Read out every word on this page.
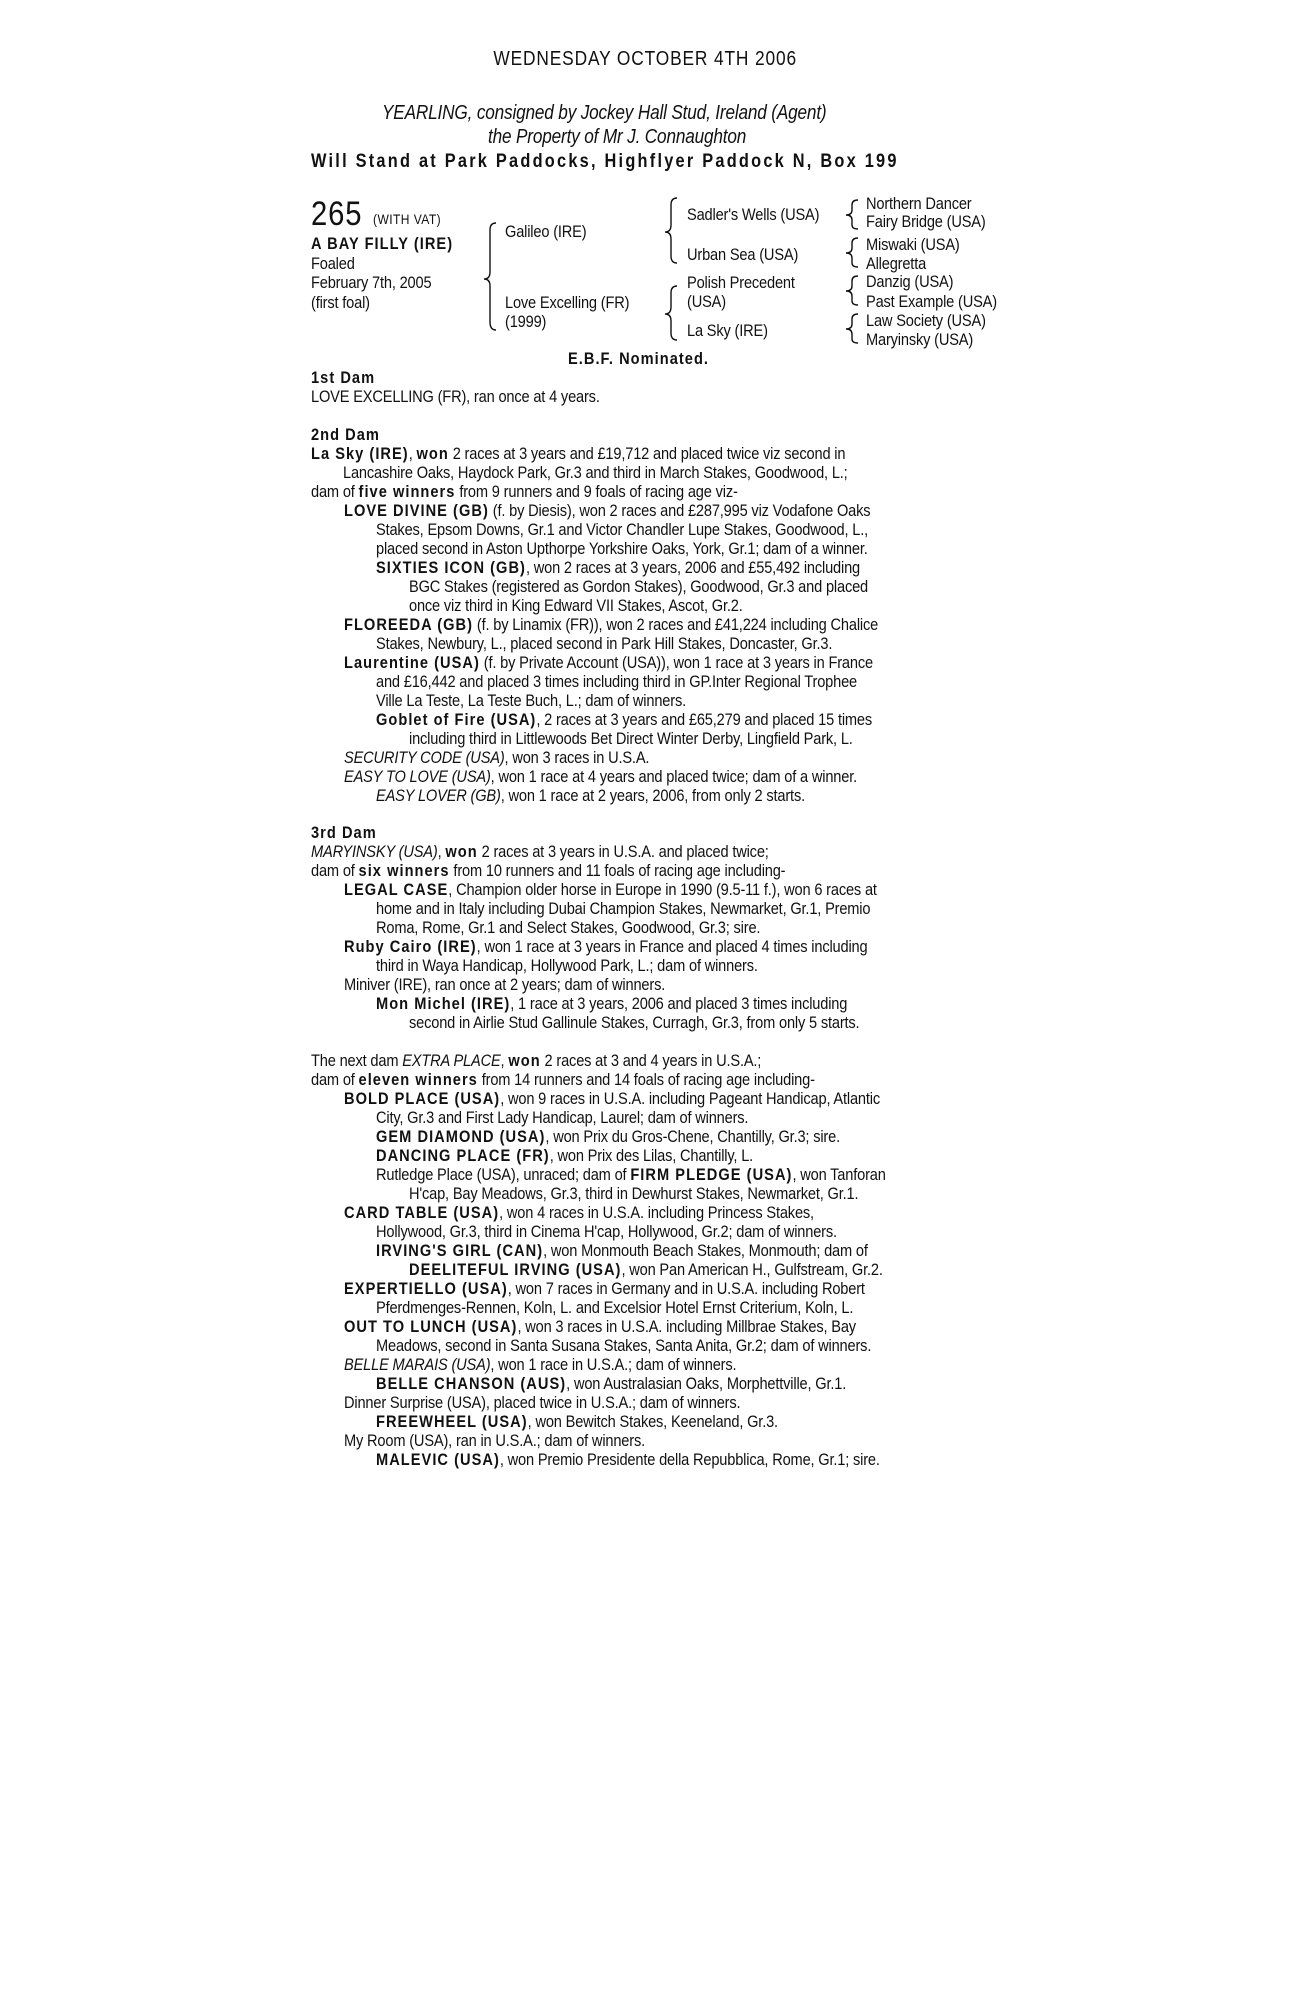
WEDNESDAY OCTOBER 4TH 2006
YEARLING, consigned by Jockey Hall Stud, Ireland (Agent)
the Property of Mr J. Connaughton
Will Stand at Park Paddocks, Highflyer Paddock N, Box 199
265 (WITH VAT)
A BAY FILLY (IRE)
Foaled
February 7th, 2005
(first foal)
Galileo (IRE)
Love Excelling (FR)
(1999)
Sadler's Wells (USA)
Urban Sea (USA)
Polish Precedent
(USA)
La Sky (IRE)
Northern Dancer
Fairy Bridge (USA)
Miswaki (USA)
Allegretta
Danzig (USA)
Past Example (USA)
Law Society (USA)
Maryinsky (USA)
E.B.F. Nominated.
1st Dam
LOVE EXCELLING (FR), ran once at 4 years.
2nd Dam
La Sky (IRE), won 2 races at 3 years and £19,712 and placed twice viz second in
Lancashire Oaks, Haydock Park, Gr.3 and third in March Stakes, Goodwood, L.;
dam of five winners from 9 runners and 9 foals of racing age viz-
LOVE DIVINE (GB) (f. by Diesis), won 2 races and £287,995 viz Vodafone Oaks
Stakes, Epsom Downs, Gr.1 and Victor Chandler Lupe Stakes, Goodwood, L.,
placed second in Aston Upthorpe Yorkshire Oaks, York, Gr.1; dam of a winner.
SIXTIES ICON (GB), won 2 races at 3 years, 2006 and £55,492 including
BGC Stakes (registered as Gordon Stakes), Goodwood, Gr.3 and placed
once viz third in King Edward VII Stakes, Ascot, Gr.2.
FLOREEDA (GB) (f. by Linamix (FR)), won 2 races and £41,224 including Chalice
Stakes, Newbury, L., placed second in Park Hill Stakes, Doncaster, Gr.3.
Laurentine (USA) (f. by Private Account (USA)), won 1 race at 3 years in France
and £16,442 and placed 3 times including third in GP.Inter Regional Trophee
Ville La Teste, La Teste Buch, L.; dam of winners.
Goblet of Fire (USA), 2 races at 3 years and £65,279 and placed 15 times
including third in Littlewoods Bet Direct Winter Derby, Lingfield Park, L.
SECURITY CODE (USA), won 3 races in U.S.A.
EASY TO LOVE (USA), won 1 race at 4 years and placed twice; dam of a winner.
EASY LOVER (GB), won 1 race at 2 years, 2006, from only 2 starts.
3rd Dam
MARYINSKY (USA), won 2 races at 3 years in U.S.A. and placed twice;
dam of six winners from 10 runners and 11 foals of racing age including-
LEGAL CASE, Champion older horse in Europe in 1990 (9.5-11 f.), won 6 races at
home and in Italy including Dubai Champion Stakes, Newmarket, Gr.1, Premio
Roma, Rome, Gr.1 and Select Stakes, Goodwood, Gr.3; sire.
Ruby Cairo (IRE), won 1 race at 3 years in France and placed 4 times including
third in Waya Handicap, Hollywood Park, L.; dam of winners.
Miniver (IRE), ran once at 2 years; dam of winners.
Mon Michel (IRE), 1 race at 3 years, 2006 and placed 3 times including
second in Airlie Stud Gallinule Stakes, Curragh, Gr.3, from only 5 starts.
The next dam EXTRA PLACE, won 2 races at 3 and 4 years in U.S.A.;
dam of eleven winners from 14 runners and 14 foals of racing age including-
BOLD PLACE (USA), won 9 races in U.S.A. including Pageant Handicap, Atlantic
City, Gr.3 and First Lady Handicap, Laurel; dam of winners.
GEM DIAMOND (USA), won Prix du Gros-Chene, Chantilly, Gr.3; sire.
DANCING PLACE (FR), won Prix des Lilas, Chantilly, L.
Rutledge Place (USA), unraced; dam of FIRM PLEDGE (USA), won Tanforan
H'cap, Bay Meadows, Gr.3, third in Dewhurst Stakes, Newmarket, Gr.1.
CARD TABLE (USA), won 4 races in U.S.A. including Princess Stakes,
Hollywood, Gr.3, third in Cinema H'cap, Hollywood, Gr.2; dam of winners.
IRVING'S GIRL (CAN), won Monmouth Beach Stakes, Monmouth; dam of
DEELITEFUL IRVING (USA), won Pan American H., Gulfstream, Gr.2.
EXPERTIELLO (USA), won 7 races in Germany and in U.S.A. including Robert
Pferdmenges-Rennen, Koln, L. and Excelsior Hotel Ernst Criterium, Koln, L.
OUT TO LUNCH (USA), won 3 races in U.S.A. including Millbrae Stakes, Bay
Meadows, second in Santa Susana Stakes, Santa Anita, Gr.2; dam of winners.
BELLE MARAIS (USA), won 1 race in U.S.A.; dam of winners.
BELLE CHANSON (AUS), won Australasian Oaks, Morphettville, Gr.1.
Dinner Surprise (USA), placed twice in U.S.A.; dam of winners.
FREEWHEEL (USA), won Bewitch Stakes, Keeneland, Gr.3.
My Room (USA), ran in U.S.A.; dam of winners.
MALEVIC (USA), won Premio Presidente della Repubblica, Rome, Gr.1; sire.
